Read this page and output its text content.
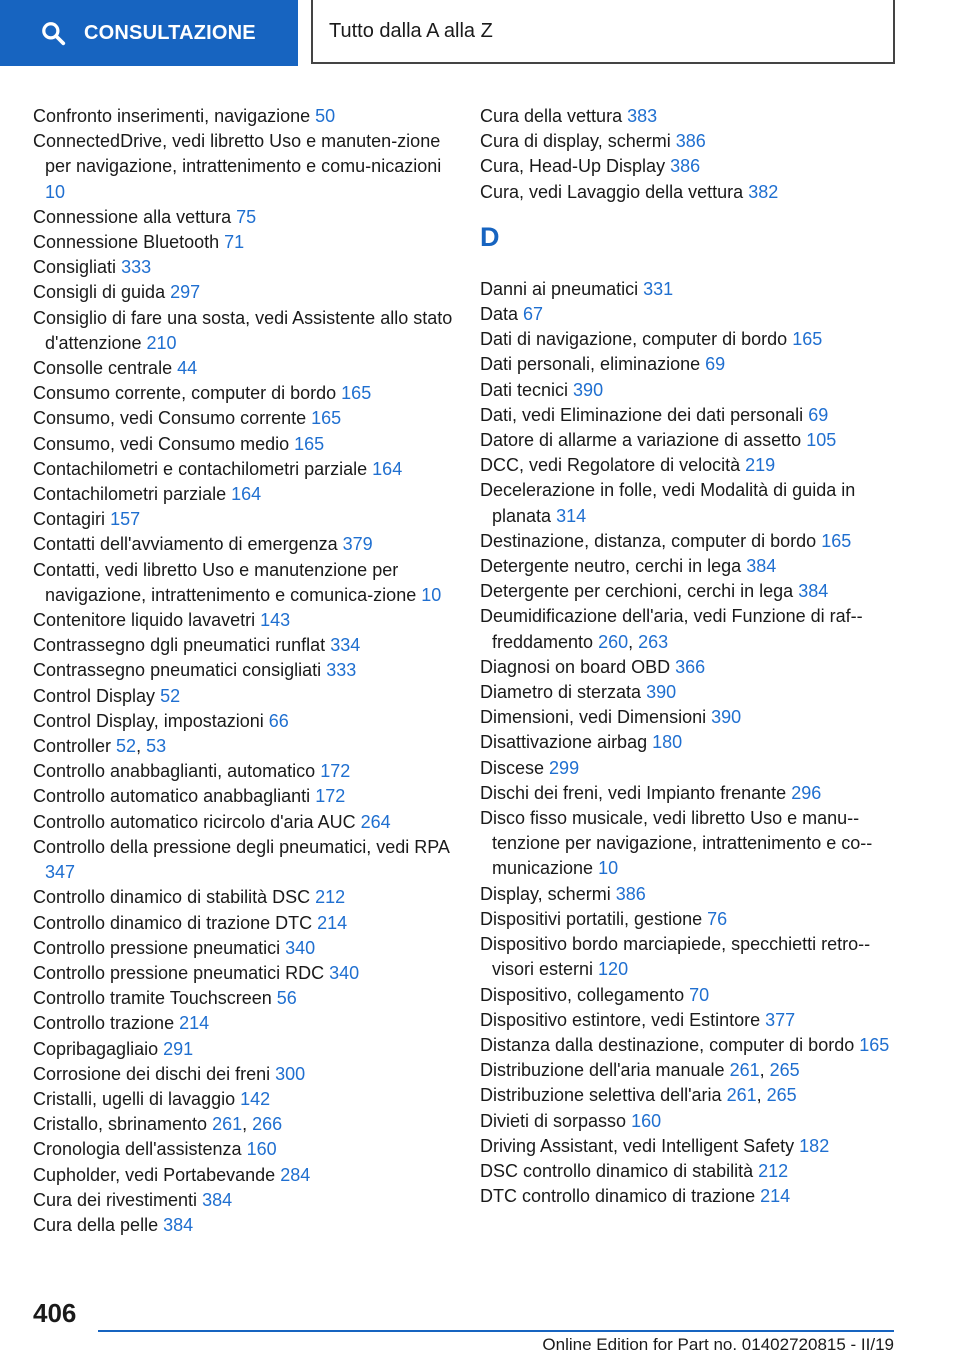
CONSULTAZIONE	Tutto dalla A alla Z
Confronto inserimenti, navigazione 50
ConnectedDrive, vedi libretto Uso e manuten-zione per navigazione, intrattenimento e comu-nicazioni 10
Connessione alla vettura 75
Connessione Bluetooth 71
Consigliati 333
Consigli di guida 297
Consiglio di fare una sosta, vedi Assistente allo stato d'attenzione 210
Consolle centrale 44
Consumo corrente, computer di bordo 165
Consumo, vedi Consumo corrente 165
Consumo, vedi Consumo medio 165
Contachilometri e contachilometri parziale 164
Contachilometri parziale 164
Contagiri 157
Contatti dell'avviamento di emergenza 379
Contatti, vedi libretto Uso e manutenzione per navigazione, intrattenimento e comunica-zione 10
Contenitore liquido lavavetri 143
Contrassegno dgli pneumatici runflat 334
Contrassegno pneumatici consigliati 333
Control Display 52
Control Display, impostazioni 66
Controller 52, 53
Controllo anabbaglianti, automatico 172
Controllo automatico anabbaglianti 172
Controllo automatico ricircolo d'aria AUC 264
Controllo della pressione degli pneumatici, vedi RPA 347
Controllo dinamico di stabilità DSC 212
Controllo dinamico di trazione DTC 214
Controllo pressione pneumatici 340
Controllo pressione pneumatici RDC 340
Controllo tramite Touchscreen 56
Controllo trazione 214
Copribagagliaio 291
Corrosione dei dischi dei freni 300
Cristalli, ugelli di lavaggio 142
Cristallo, sbrinamento 261, 266
Cronologia dell'assistenza 160
Cupholder, vedi Portabevande 284
Cura dei rivestimenti 384
Cura della pelle 384
Cura della vettura 383
Cura di display, schermi 386
Cura, Head-Up Display 386
Cura, vedi Lavaggio della vettura 382
D
Danni ai pneumatici 331
Data 67
Dati di navigazione, computer di bordo 165
Dati personali, eliminazione 69
Dati tecnici 390
Dati, vedi Eliminazione dei dati personali 69
Datore di allarme a variazione di assetto 105
DCC, vedi Regolatore di velocità 219
Decelerazione in folle, vedi Modalità di guida in planata 314
Destinazione, distanza, computer di bordo 165
Detergente neutro, cerchi in lega 384
Detergente per cerchioni, cerchi in lega 384
Deumidificazione dell'aria, vedi Funzione di raf-freddamento 260, 263
Diagnosi on board OBD 366
Diametro di sterzata 390
Dimensioni, vedi Dimensioni 390
Disattivazione airbag 180
Discese 299
Dischi dei freni, vedi Impianto frenante 296
Disco fisso musicale, vedi libretto Uso e manu-tenzione per navigazione, intrattenimento e co-municazione 10
Display, schermi 386
Dispositivi portatili, gestione 76
Dispositivo bordo marciapiede, specchietti retro-visori esterni 120
Dispositivo, collegamento 70
Dispositivo estintore, vedi Estintore 377
Distanza dalla destinazione, computer di bordo 165
Distribuzione dell'aria manuale 261, 265
Distribuzione selettiva dell'aria 261, 265
Divieti di sorpasso 160
Driving Assistant, vedi Intelligent Safety 182
DSC controllo dinamico di stabilità 212
DTC controllo dinamico di trazione 214
406
Online Edition for Part no. 01402720815 - II/19
